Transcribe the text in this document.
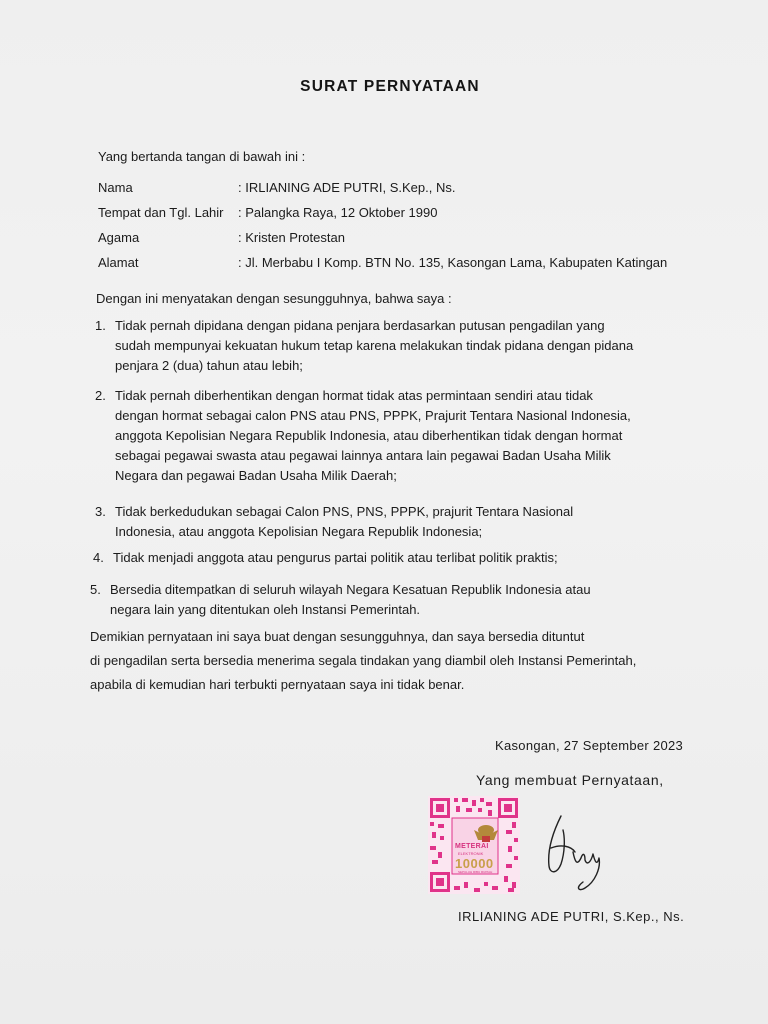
SURAT PERNYATAAN
Yang bertanda tangan di bawah ini :
Nama	: IRLIANING ADE PUTRI, S.Kep., Ns.
Tempat dan Tgl. Lahir : Palangka Raya, 12 Oktober 1990
Agama	: Kristen Protestan
Alamat	: Jl. Merbabu I Komp. BTN No. 135, Kasongan Lama, Kabupaten Katingan
Dengan ini menyatakan dengan sesungguhnya, bahwa saya :
1. Tidak pernah dipidana dengan pidana penjara berdasarkan putusan pengadilan yang
sudah mempunyai kekuatan hukum tetap karena melakukan tindak pidana dengan pidana
penjara 2 (dua) tahun atau lebih;
2. Tidak pernah diberhentikan dengan hormat tidak atas permintaan sendiri atau tidak
dengan hormat sebagai calon PNS atau PNS, PPPK, Prajurit Tentara Nasional Indonesia,
anggota Kepolisian Negara Republik Indonesia, atau diberhentikan tidak dengan hormat
sebagai pegawai swasta atau pegawai lainnya antara lain pegawai Badan Usaha Milik
Negara dan pegawai Badan Usaha Milik Daerah;
3. Tidak berkedudukan sebagai Calon PNS, PNS, PPPK, prajurit Tentara Nasional
Indonesia, atau anggota Kepolisian Negara Republik Indonesia;
4. Tidak menjadi anggota atau pengurus partai politik atau terlibat politik praktis;
5. Bersedia ditempatkan di seluruh wilayah Negara Kesatuan Republik Indonesia atau
negara lain yang ditentukan oleh Instansi Pemerintah.
Demikian pernyataan ini saya buat dengan sesungguhnya, dan saya bersedia dituntut
di pengadilan serta bersedia menerima segala tindakan yang diambil oleh Instansi Pemerintah,
apabila di kemudian hari terbukti pernyataan saya ini tidak benar.
Kasongan, 27 September 2023
Yang membuat Pernyataan,
METERAI
ELEKTRONIK
10000
SEPULUH RIBU RUPIAH
IRLIANING ADE PUTRI, S.Kep., Ns.
